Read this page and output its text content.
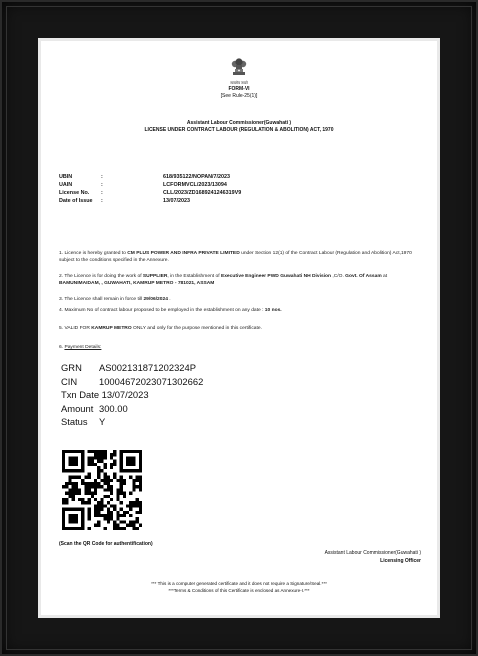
सत्यमेव जयते
FORM-VI
[See Rule-25(1)]
Assistant Labour Commissioner(Guwahati )
LICENSE UNDER CONTRACT LABOUR (REGULATION & ABOLITION) ACT, 1970
UBIN	:	618/935122/NOPAN/7/2023
UAIN	:	LCFORMVCL/2023/13094
License No.	:	CLL/2023/ZD1689241246319V9
Date of Issue	:	13/07/2023
1. Licence is hereby granted to CM PLUS POWER AND INFRA PRIVATE LIMITED under Section 12(1) of the Contract Labour (Regulation and Abolition) Act,1970 subject to the conditions specified in the Annexure.
2. The Licence is for doing the work of SUPPLIER, in the Establishment of Executive Engineer PWD Guwahati NH Division ,C/O. Govt. Of Assam at BAMUNIMAIDAM, , GUWAHATI, KAMRUP METRO - 781021, ASSAM
3. The Licence shall remain in force till 29/06/2024 .
4. Maximum No of contract labour proposed to be employed in the establishment on any date : 10 nos.
5. VALID FOR KAMRUP METRO ONLY and only for the purpose mentioned in this certificate.
6. Payment Details:
GRN AS002131871202324P
CIN 10004672023071302662
Txn Date 13/07/2023
Amount 300.00
Status Y
(Scan the QR Code for authentification)
Assistant Labour Commissioner(Guwahati )
Licensing Officer
*** This is a computer generated certificate and it does not require a Signature/Seal.***
***Terms & Conditions of this Certificate is enclosed as Annexure-I.***
